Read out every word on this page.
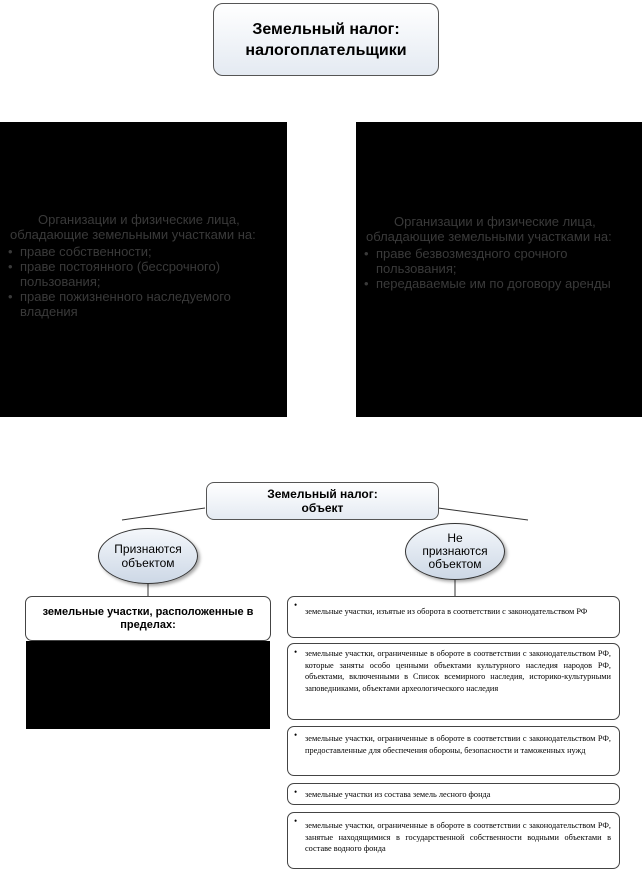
Земельный налог:
налогоплательщики

Организации и физические лица, обладающие земельными участками на:

• праве собственности;
• праве постоянного (бессрочного) пользования;
• праве пожизненного наследуемого владения

Организации и физические лица, обладающие земельными участками на:

• праве безвозмездного срочного пользования;
• передаваемые им по договору аренды
Земельный налог:
объект
Признаются
объектом
Не
признаются
объектом
земельные участки, расположенные в пределах:
• земельные участки, изъятые из оборота в соответствии с законодательством РФ
• земельные участки, ограниченные в обороте в соответствии с законодательством РФ, которые заняты особо ценными объектами культурного наследия народов РФ, объектами, включенными в Список всемирного наследия, историко-культурными заповедниками, объектами археологического наследия
• земельные участки, ограниченные в обороте в соответствии с законодательством РФ, предоставленные для обеспечения обороны, безопасности и таможенных нужд
• земельные участки из состава земель лесного фонда
• земельные участки, ограниченные в обороте в соответствии с законодательством РФ, занятые находящимися в государственной собственности водными объектами в составе водного фонда
